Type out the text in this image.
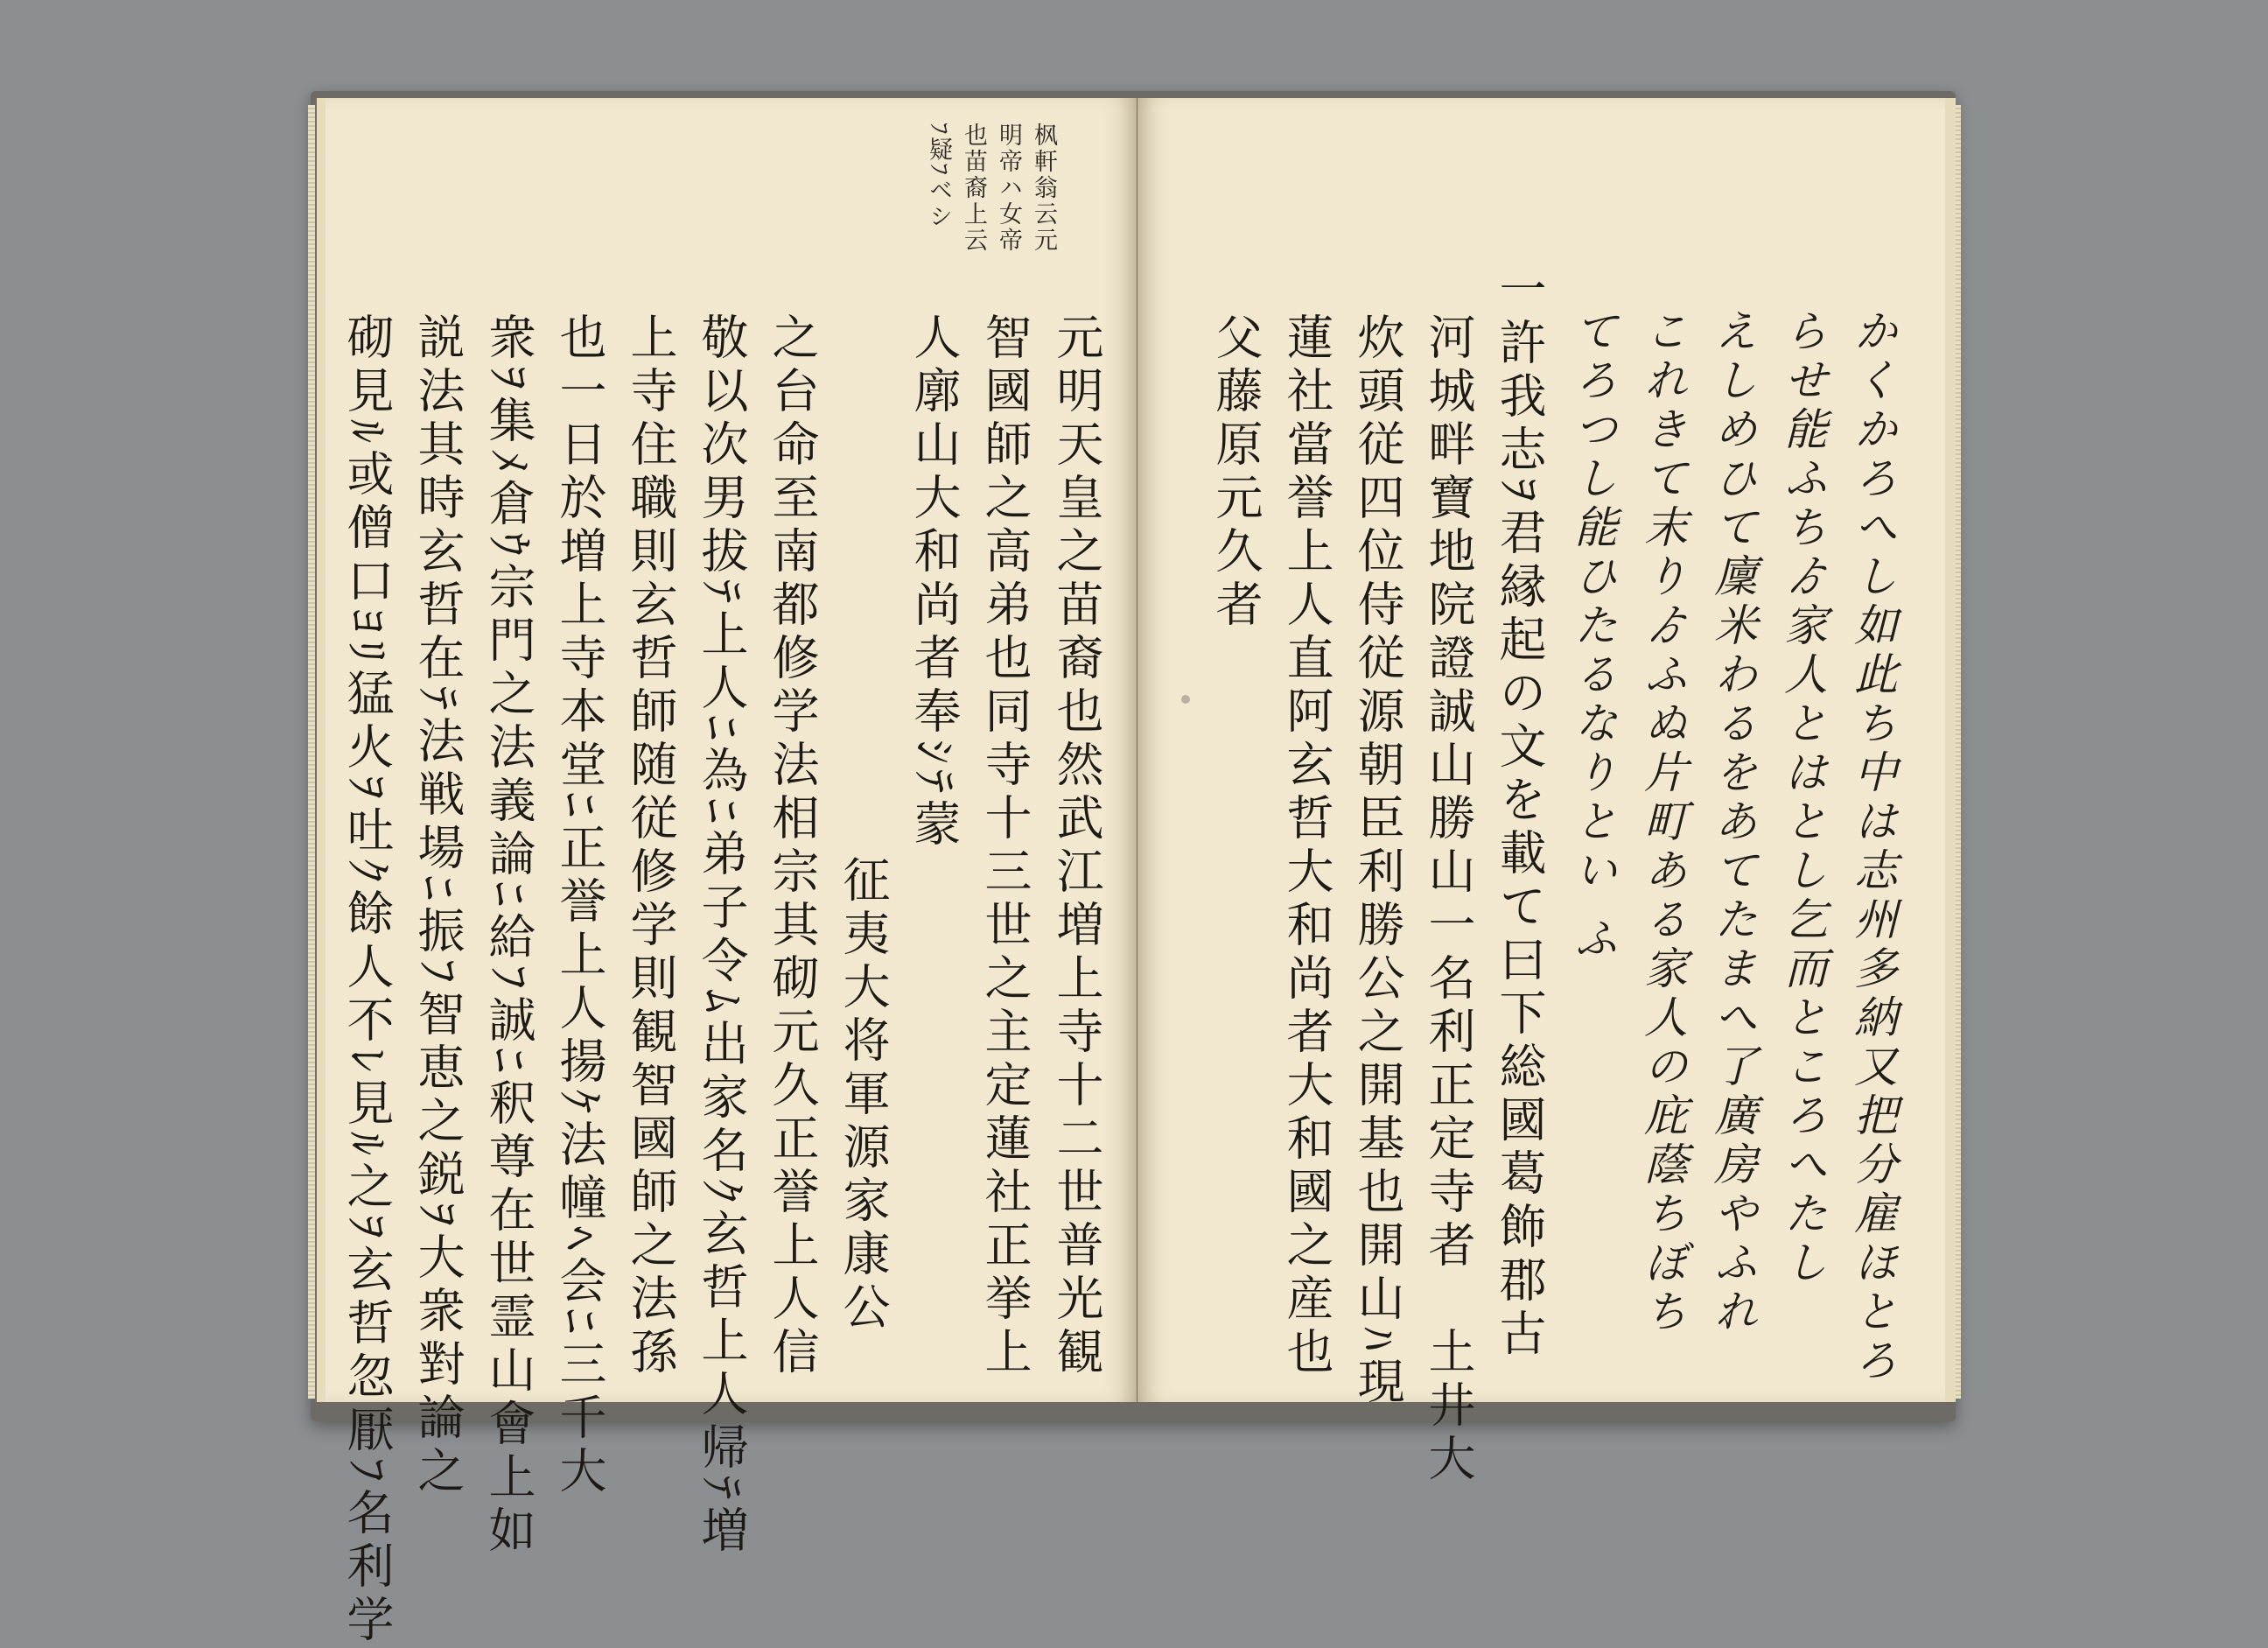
枫軒翁云元
明帝ハ女帝
也苗裔上云
ﾌ疑ﾌベシ
元明天皇之苗裔也然武江増上寺十二世普光観
智國師之高弟也同寺十三世之主定蓮社正挙上
人廓山大和尚者奉ｼﾃ蒙
征夷大将軍源家康公
之台命至南都修学法相宗其砌元久正誉上人信
敬以次男拔ﾃ上人ﾆ為ﾆ弟子令ﾑ出家名ｸ玄哲上人帰ﾃ増
上寺住職則玄哲師随従修学則観智國師之法孫
也一日於増上寺本堂ﾆ正誉上人揚ｹ法幢ﾍ会ﾆ三千大
衆ｦ集ﾒ倉ｳ宗門之法義論ﾆ給ﾌ誠ﾆ釈尊在世霊山會上如
説法其時玄哲在ﾃ法戦場ﾆ振ﾌ智恵之鋭ｦ大衆對論之
砌見ﾙ或僧口ﾖﾘ猛火ｦ吐ｸ餘人不ﾚ見ﾙ之ｦ玄哲忽厭ﾌ名利学	かくかろへし如此ち中は志州多納又把分雇ほとろ
らせ能ふちゟ家人とはとし乞而ところへたし
えしめひて廩米わるをあてたまへ了廣房やふれ
これきて末りゟふぬ片町ある家人の庇蔭ちぼち
てろつし能ひたるなりとい ふ
一許我志ｦ君縁起の文を載て曰下総國葛飾郡古
河城畔寶地院證誠山勝山一名利正定寺者　土井大
炊頭従四位侍従源朝臣利勝公之開基也開山ﾊ現
蓮社當誉上人直阿玄哲大和尚者大和國之産也
父藤原元久者
